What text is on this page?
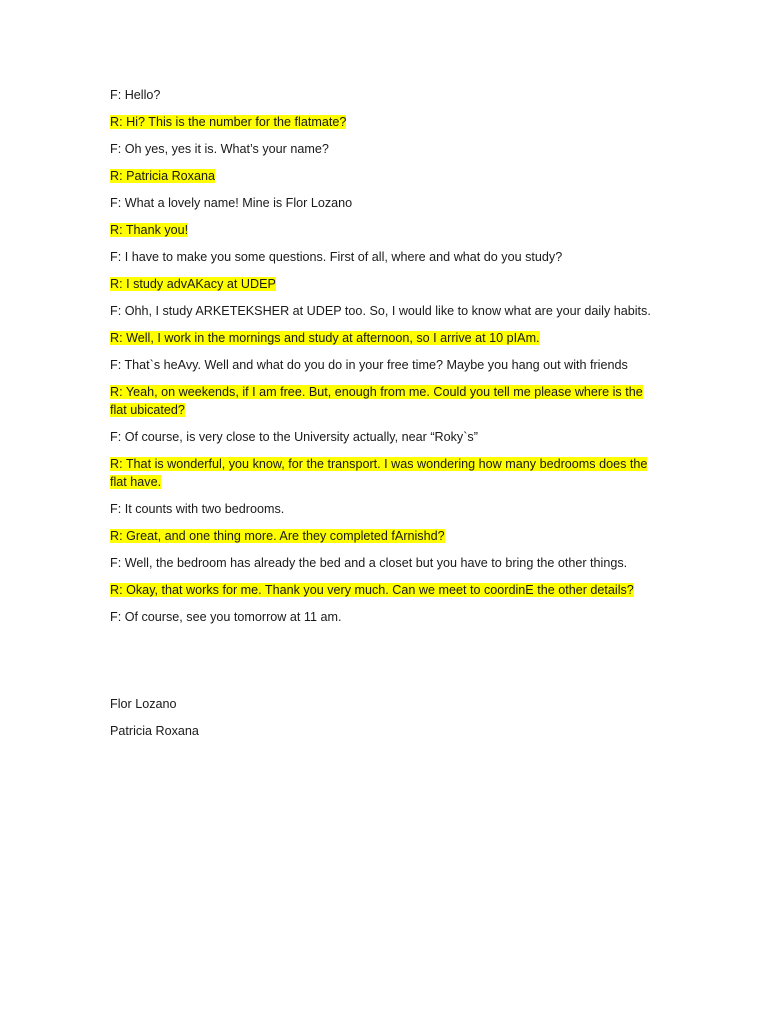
F: Hello?
R: Hi? This is the number for the flatmate?
F: Oh yes, yes it is. What’s your name?
R: Patricia Roxana
F: What a lovely name! Mine is Flor Lozano
R: Thank you!
F: I have to make you some questions. First of all, where and what do you study?
R: I study advAKacy at UDEP
F: Ohh, I study ARKETEKSHER at UDEP too. So, I would like to know what are your daily habits.
R: Well, I work in the mornings and study at afternoon, so I arrive at 10 pIAm.
F: That`s heAvy. Well and what do you do in your free time? Maybe you hang out with friends
R: Yeah, on weekends, if I am free. But, enough from me. Could you tell me please where is the flat ubicated?
F: Of course, is very close to the University actually, near “Roky`s”
R: That is wonderful, you know, for the transport. I was wondering how many bedrooms does the flat have.
F: It counts with two bedrooms.
R: Great, and one thing more. Are they completed fArnishd?
F: Well, the bedroom has already the bed and a closet but you have to bring the other things.
R: Okay, that works for me. Thank you very much. Can we meet to coordinE the other details?
F: Of course, see you tomorrow at 11 am.
Flor Lozano
Patricia Roxana
